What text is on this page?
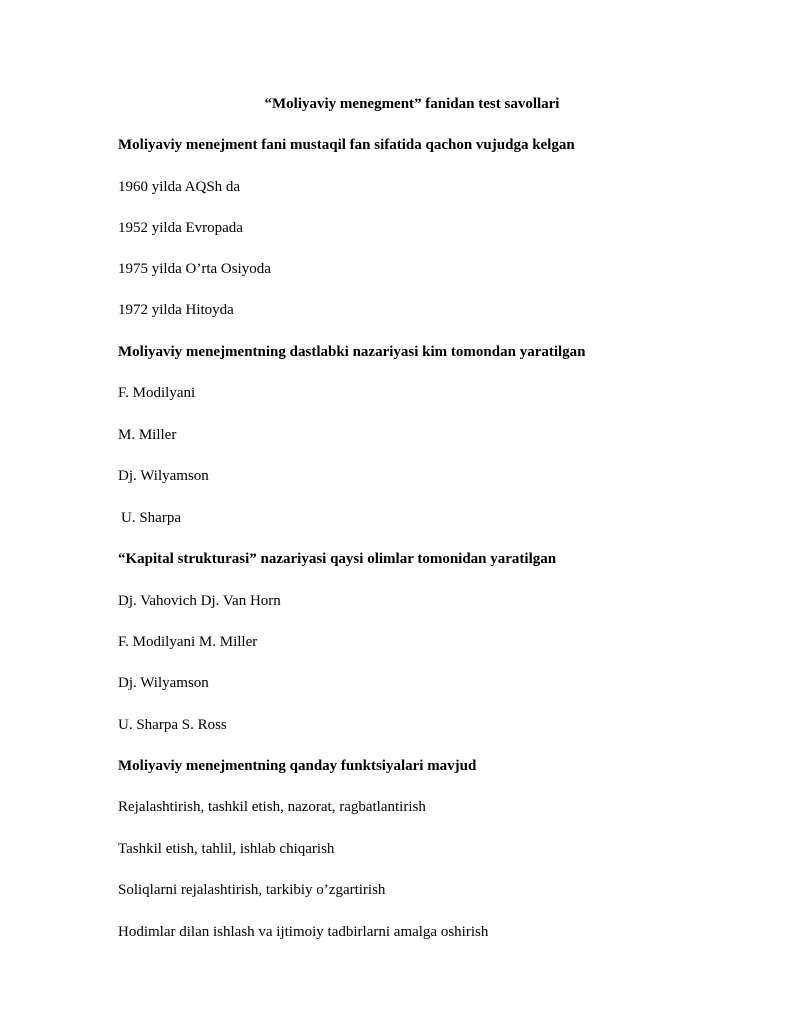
“Moliyaviy menegment” fanidan test savollari
Moliyaviy menejment fani mustaqil fan sifatida qachon vujudga kelgan
1960 yilda AQSh da
1952 yilda Evropada
1975 yilda O’rta Osiyoda
1972 yilda Hitoyda
Moliyaviy menejmentning dastlabki nazariyasi kim tomondan yaratilgan
F. Modilyani
M. Miller
Dj. Wilyamson
U. Sharpa
“Kapital strukturasi” nazariyasi qaysi olimlar tomonidan yaratilgan
Dj. Vahovich Dj. Van Horn
F. Modilyani M. Miller
Dj. Wilyamson
U. Sharpa S. Ross
Moliyaviy menejmentning qanday funktsiyalari mavjud
Rejalashtirish, tashkil etish, nazorat, ragbatlantirish
Tashkil etish, tahlil, ishlab chiqarish
Soliqlarni rejalashtirish, tarkibiy o’zgartirish
Hodimlar dilan ishlash va ijtimoiy tadbirlarni amalga oshirish
